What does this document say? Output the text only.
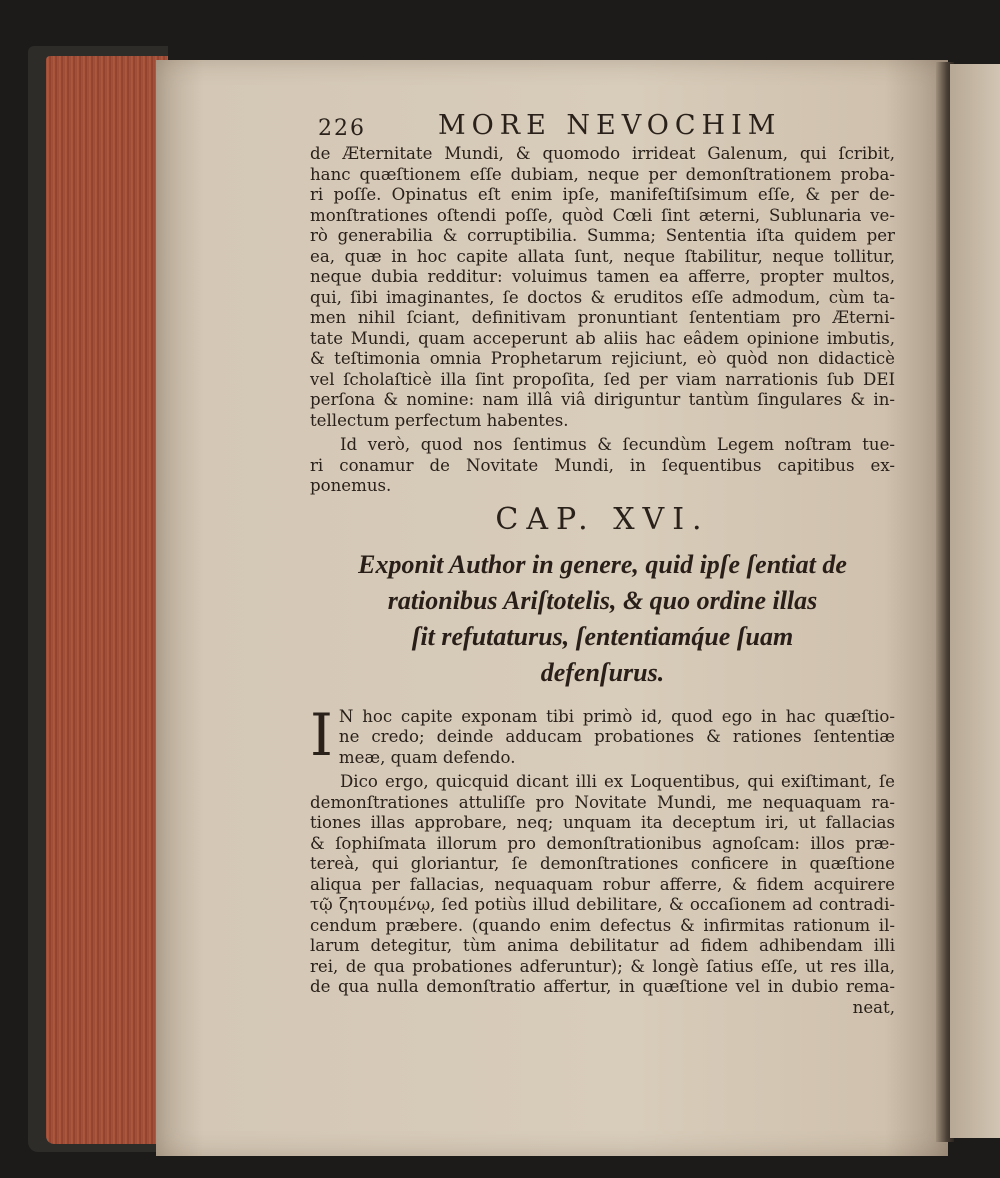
226	MORE NEVOCHIM
de Æternitate Mundi, & quomodo irrideat Galenum, qui ſcribit,
hanc quæſtionem eſſe dubiam, neque per demonſtrationem proba-
ri poſſe. Opinatus eſt enim ipſe, manifeſtiſsimum eſſe, & per de-
monſtrationes oſtendi poſſe, quòd Cœli ſint æterni, Sublunaria ve-
rò generabilia & corruptibilia. Summa; Sententia iſta quidem per
ea, quæ in hoc capite allata ſunt, neque ſtabilitur, neque tollitur,
neque dubia redditur: voluimus tamen ea afferre, propter multos,
qui, ſibi imaginantes, ſe doctos & eruditos eſſe admodum, cùm ta-
men nihil ſciant, definitivam pronuntiant ſententiam pro Æterni-
tate Mundi, quam acceperunt ab aliis hac eâdem opinione imbutis,
& teſtimonia omnia Prophetarum rejiciunt, eò quòd non didacticè
vel ſcholaſticè illa ſint propoſita, ſed per viam narrationis ſub DEI
perſona & nomine: nam illâ viâ diriguntur tantùm ſingulares & in-
tellectum perfectum habentes.
Id verò, quod nos ſentimus & ſecundùm Legem noſtram tue-
ri conamur de Novitate Mundi, in ſequentibus capitibus ex-
ponemus.
CAP. XVI.
Exponit Author in genere, quid ipſe ſentiat de
rationibus Ariſtotelis, & quo ordine illas
ſit refutaturus, ſententiamq́ue ſuam
defenſurus.
I N hoc capite exponam tibi primò id, quod ego in hac quæſtio-
ne credo; deinde adducam probationes & rationes ſententiæ
meæ, quam defendo.
Dico ergo, quicquid dicant illi ex Loquentibus, qui exiſtimant, ſe
demonſtrationes attuliſſe pro Novitate Mundi, me nequaquam ra-
tiones illas approbare, neq; unquam ita deceptum iri, ut fallacias
& ſophiſmata illorum pro demonſtrationibus agnoſcam: illos præ-
tereà, qui gloriantur, ſe demonſtrationes conficere in quæſtione
aliqua per fallacias, nequaquam robur afferre, & fidem acquirere
τῷ ζητουμένῳ, ſed potiùs illud debilitare, & occaſionem ad contradi-
cendum præbere. (quando enim defectus & infirmitas rationum il-
larum detegitur, tùm anima debilitatur ad fidem adhibendam illi
rei, de qua probationes adferuntur); & longè ſatius eſſe, ut res illa,
de qua nulla demonſtratio affertur, in quæſtione vel in dubio rema-
neat,
